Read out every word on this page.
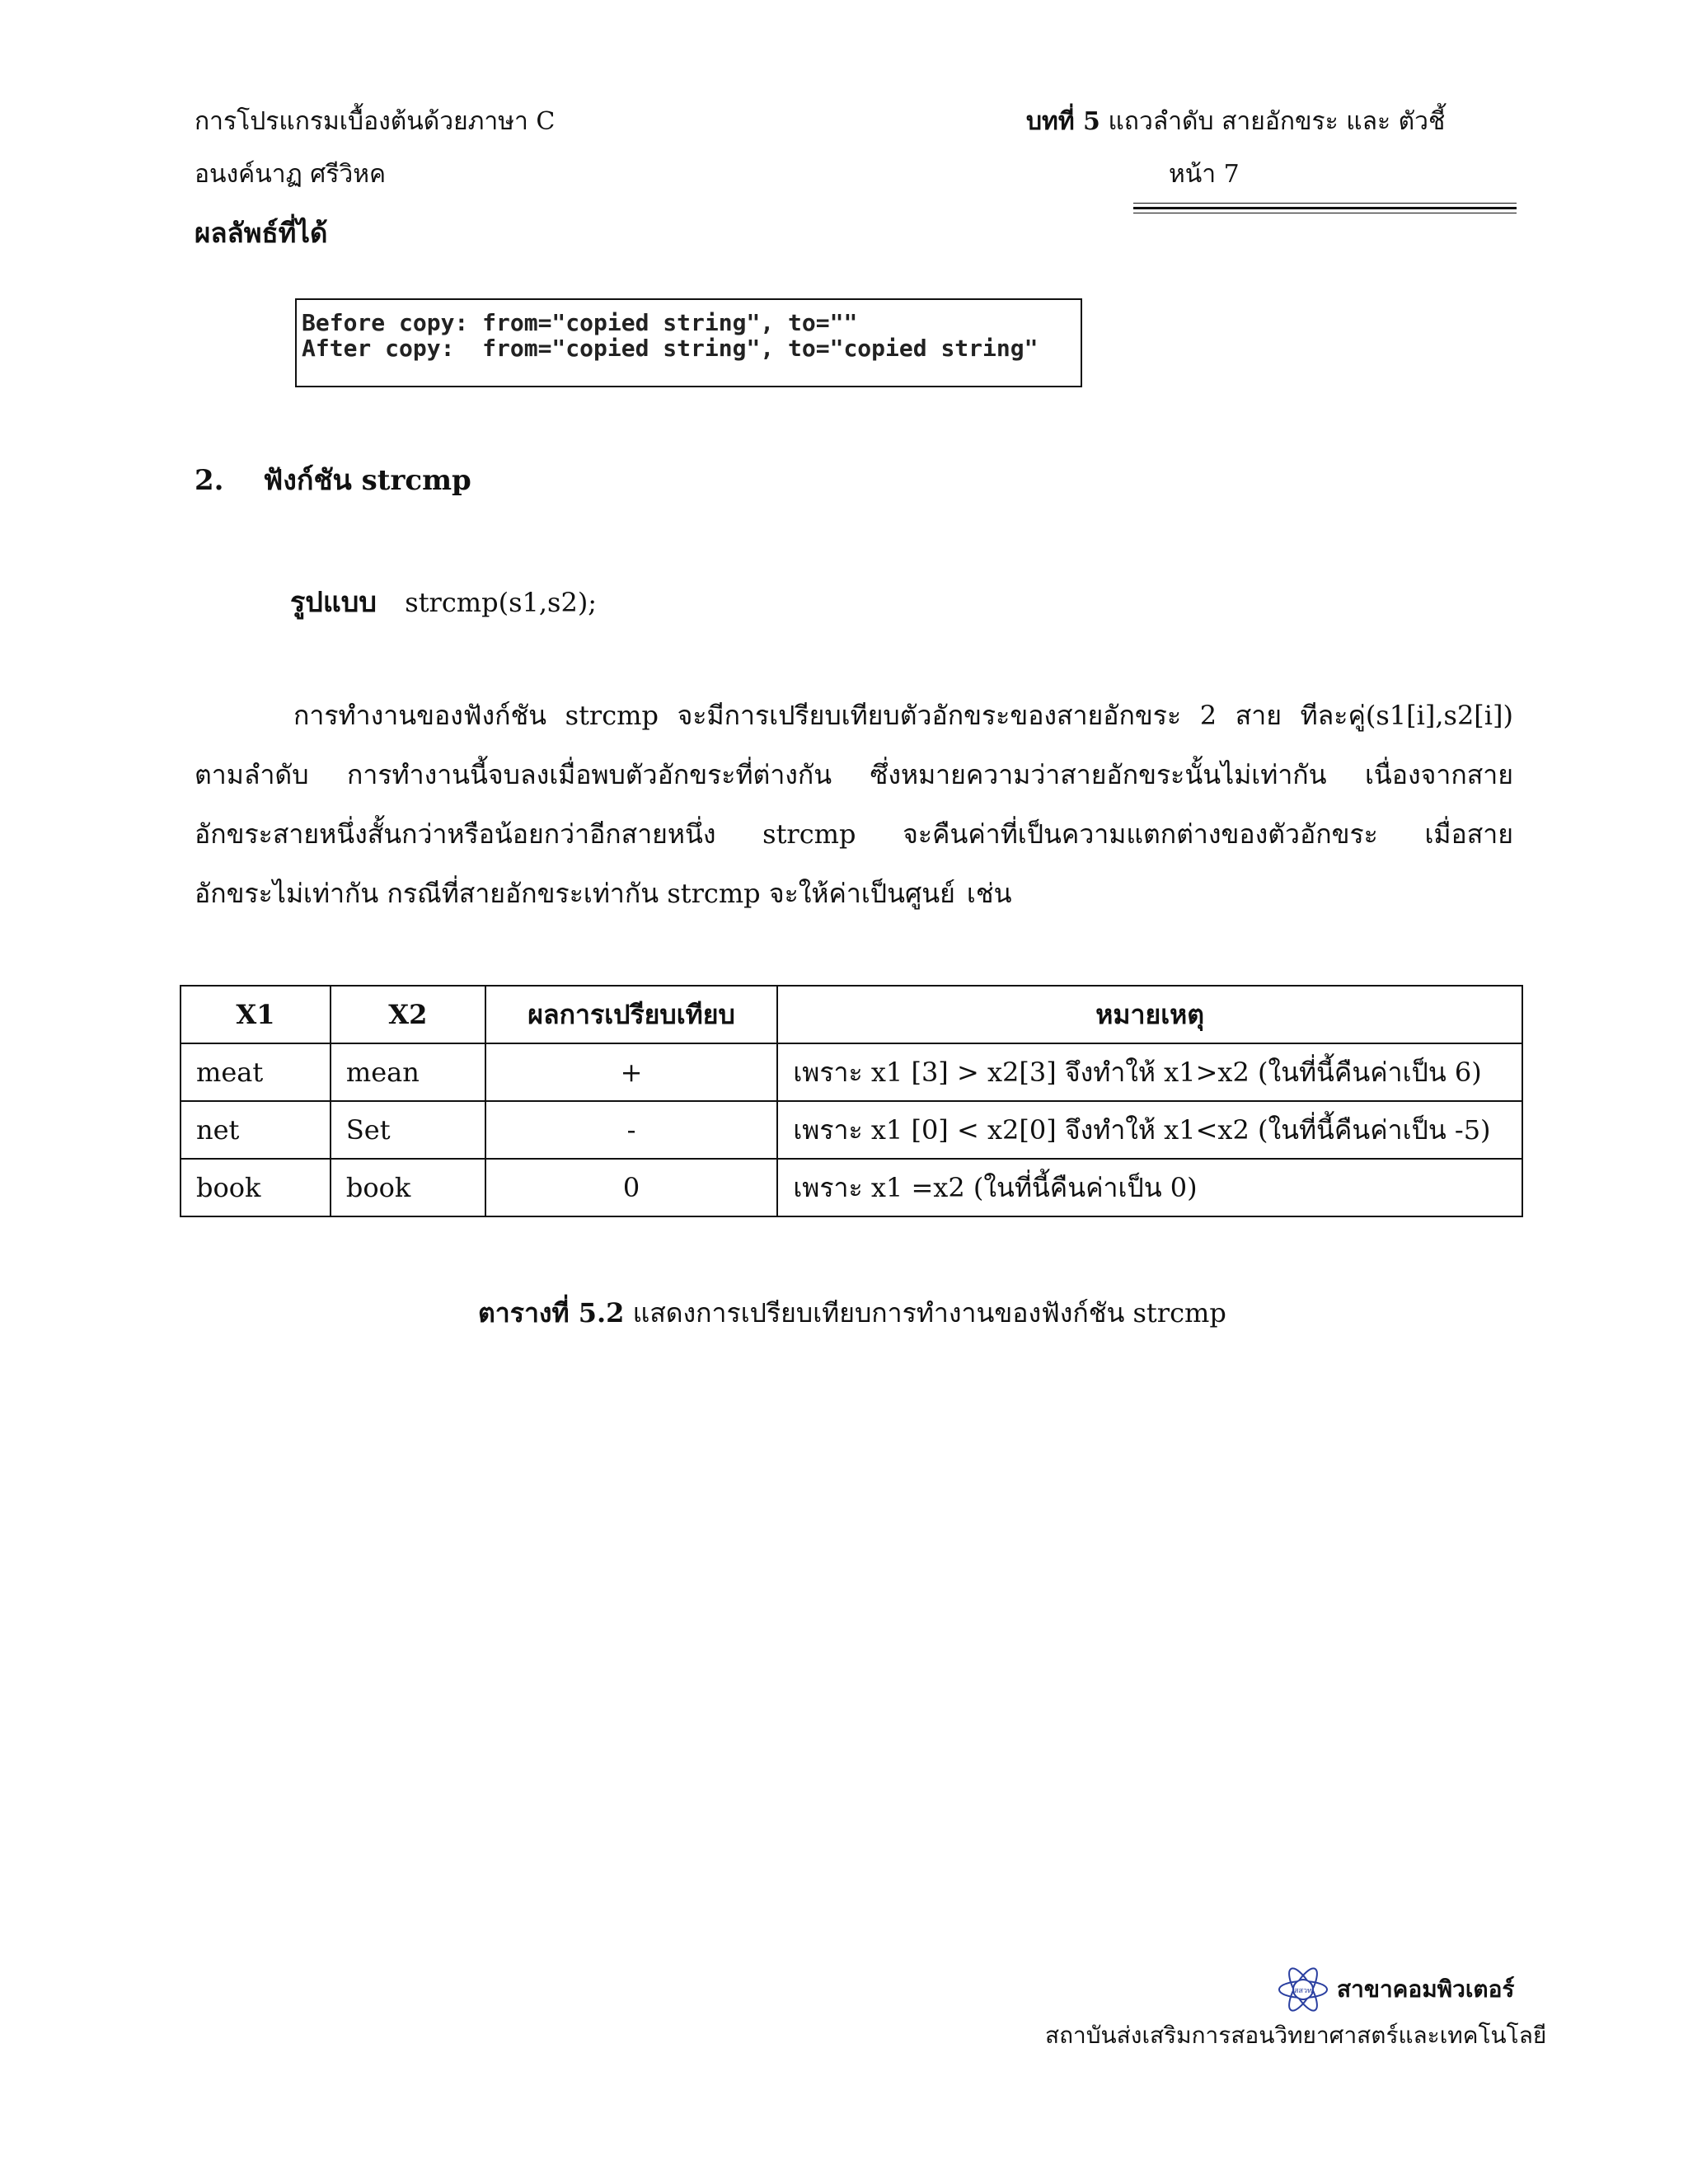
การโปรแกรมเบื้องต้นด้วยภาษา C	บทที่ 5 แถวลำดับ สายอักขระ และ ตัวชี้
อนงค์นาฏ ศรีวิหค	หน้า 7
ผลลัพธ์ที่ได้
Before copy: from="copied string", to=""
After copy:  from="copied string", to="copied string"
2. ฟังก์ชัน strcmp
รูปแบบ strcmp(s1,s2);
การทำงานของฟังก์ชัน strcmp จะมีการเปรียบเทียบตัวอักขระของสายอักขระ 2 สาย ทีละคู่(s1[i],s2[i])
ตามลำดับ การทำงานนี้จบลงเมื่อพบตัวอักขระที่ต่างกัน ซึ่งหมายความว่าสายอักขระนั้นไม่เท่ากัน เนื่องจากสาย
อักขระสายหนึ่งสั้นกว่าหรือน้อยกว่าอีกสายหนึ่ง strcmp จะคืนค่าที่เป็นความแตกต่างของตัวอักขระ เมื่อสาย
อักขระไม่เท่ากัน กรณีที่สายอักขระเท่ากัน strcmp จะให้ค่าเป็นศูนย์ เช่น
X1	X2	ผลการเปรียบเทียบ	หมายเหตุ
meat	mean	+	เพราะ x1 [3] > x2[3] จึงทำให้ x1>x2 (ในที่นี้คืนค่าเป็น 6)
net	Set	-	เพราะ x1 [0] < x2[0] จึงทำให้ x1<x2 (ในที่นี้คืนค่าเป็น -5)
book	book	0	เพราะ x1 =x2 (ในที่นี้คืนค่าเป็น 0)
ตารางที่ 5.2 แสดงการเปรียบเทียบการทำงานของฟังก์ชัน strcmp
สสวท สาขาคอมพิวเตอร์
สถาบันส่งเสริมการสอนวิทยาศาสตร์และเทคโนโลยี
